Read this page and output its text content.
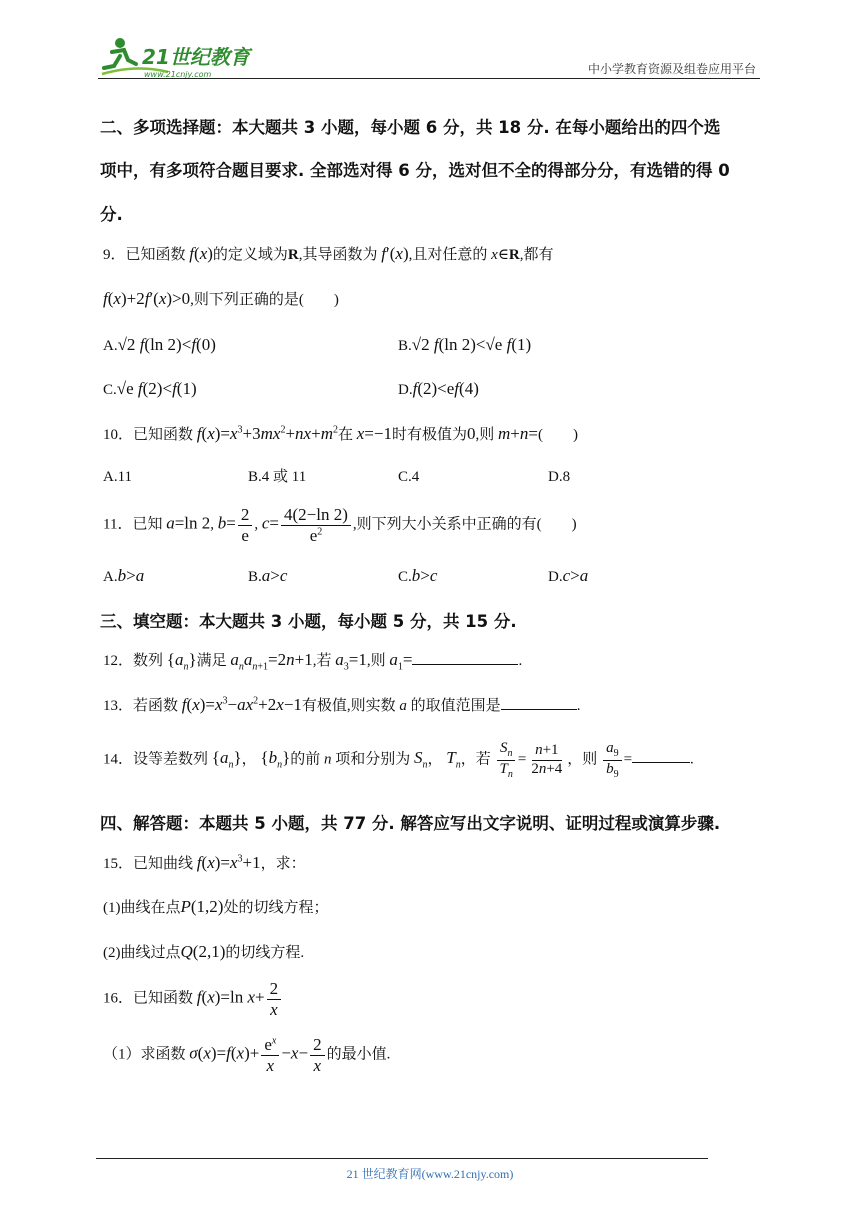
21世纪教育
www.21cnjy.com	中小学教育资源及组卷应用平台
二、多项选择题：本大题共 3 小题，每小题 6 分，共 18 分. 在每小题给出的四个选
项中，有多项符合题目要求. 全部选对得 6 分，选对但不全的得部分分，有选错的得 0
分.
9．已知函数 f(x)的定义域为R,其导函数为 f′(x),且对任意的 x∈R,都有
f(x)+2f′(x)>0,则下列正确的是(　　)
A.√2 f(ln 2)<f(0)	B.√2 f(ln 2)<√e f(1)
C.√e f(2)<f(1)	D.f(2)<ef(4)
10．已知函数 $f(x)=x^3+3mx^2+nx+m^2$在 x=−1时有极值为0,则 m+n=(　　)
A.11	B.4 或 11	C.4	D.8
11．已知 a=ln 2, $b= \frac{2}{e}$ , $c= \frac{4(2-\ln 2)}{e^2}$ ,则下列大小关系中正确的有(　　)
A.b>a	B.a>c	C.b>c	D.c>a
三、填空题：本大题共 3 小题，每小题 5 分，共 15 分.
12．数列 $\{a_n\}$满足 $a_na_{n+1}=2n+1$,若 $a_3=1$,则 $a_1=$	.
13．若函数 $f(x)=x^3-ax^2+2x-1$有极值,则实数 a 的取值范围是	.
14．设等差数列 $\{a_n\}$， $\{b_n\}$的前 n 项和分别为 $S_n$， $T_n$，若 $\frac{S_n}{T_n} = \frac{n+1}{2n+4}$ ，则 $\frac{a_9}{b_9}$ =	.
四、解答题：本题共 5 小题，共 77 分. 解答应写出文字说明、证明过程或演算步骤.
15．已知曲线 $f(x)=x^3+1$，求：
(1)曲线在点P(1,2)处的切线方程；
(2)曲线过点Q(2,1)的切线方程.
16．已知函数 f(x)=ln $x+ \frac{2}{x}$
（1）求函数 $\sigma(x)=f(x)+ \frac{e^x}{x} -x- \frac{2}{x}$ 的最小值.
21 世纪教育网(www.21cnjy.com)
